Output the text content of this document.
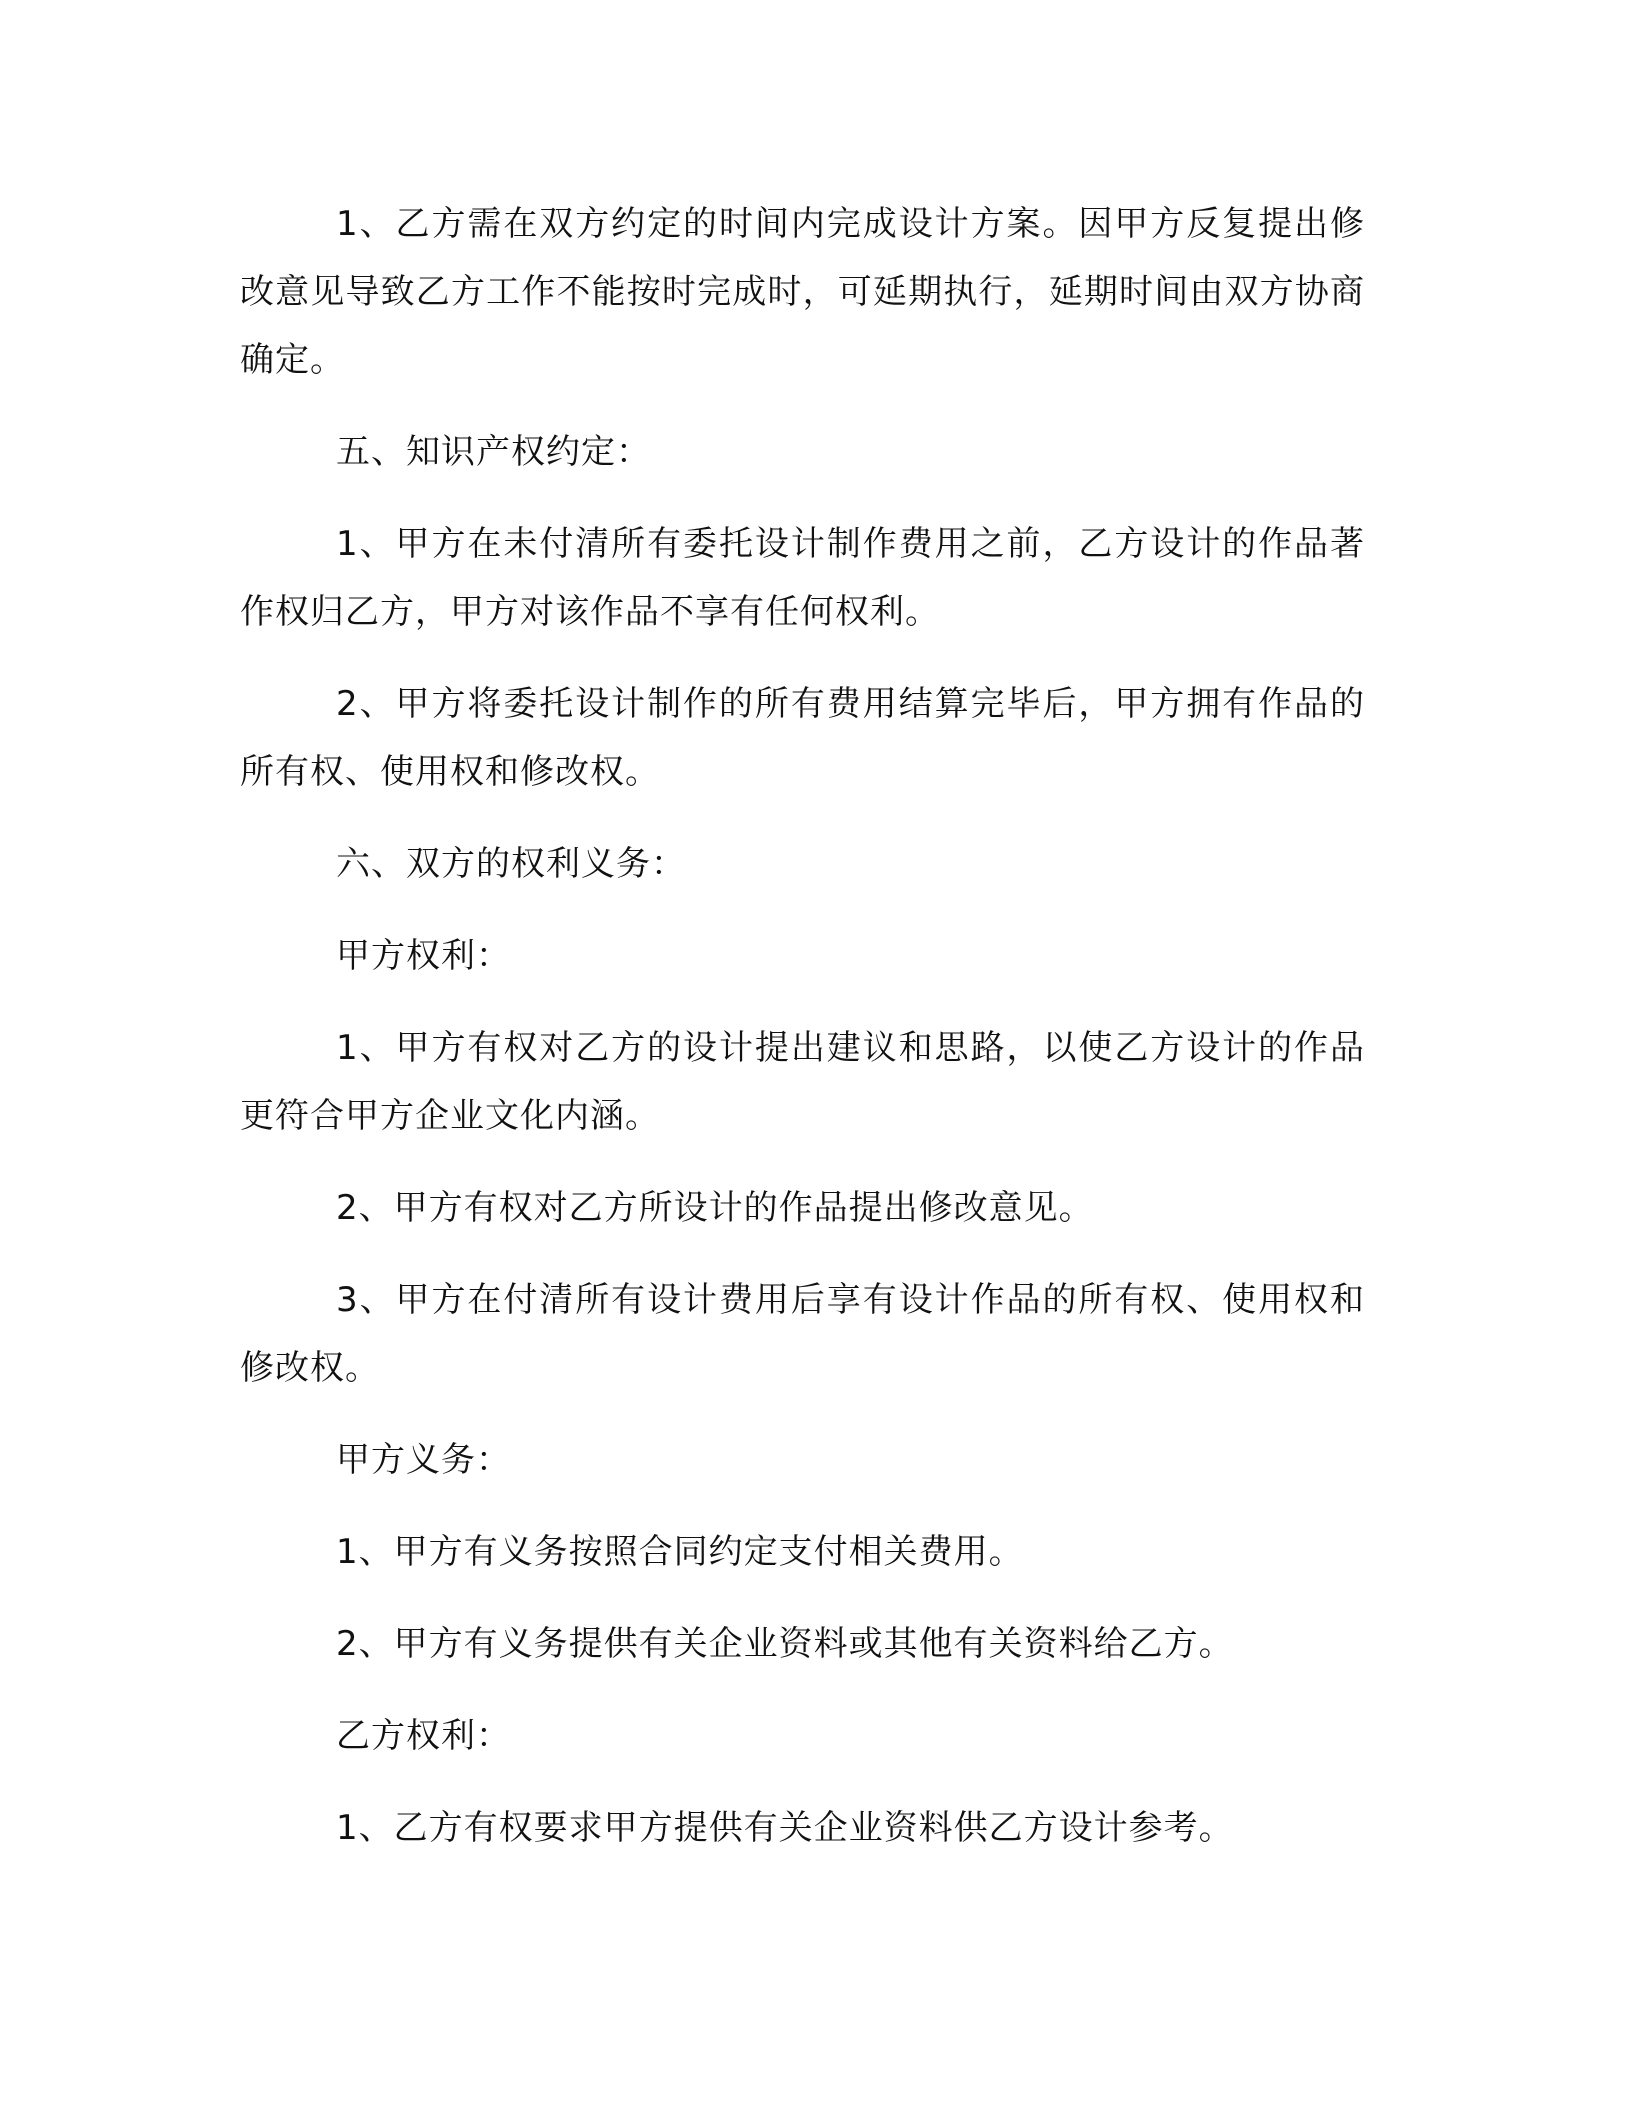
1、乙方需在双方约定的时间内完成设计方案。因甲方反复提出修改意见导致乙方工作不能按时完成时，可延期执行，延期时间由双方协商确定。

五、知识产权约定：

1、甲方在未付清所有委托设计制作费用之前，乙方设计的作品著作权归乙方，甲方对该作品不享有任何权利。

2、甲方将委托设计制作的所有费用结算完毕后，甲方拥有作品的所有权、使用权和修改权。

六、双方的权利义务：

甲方权利：

1、甲方有权对乙方的设计提出建议和思路，以使乙方设计的作品更符合甲方企业文化内涵。

2、甲方有权对乙方所设计的作品提出修改意见。

3、甲方在付清所有设计费用后享有设计作品的所有权、使用权和修改权。

甲方义务：

1、甲方有义务按照合同约定支付相关费用。

2、甲方有义务提供有关企业资料或其他有关资料给乙方。

乙方权利：

1、乙方有权要求甲方提供有关企业资料供乙方设计参考。
